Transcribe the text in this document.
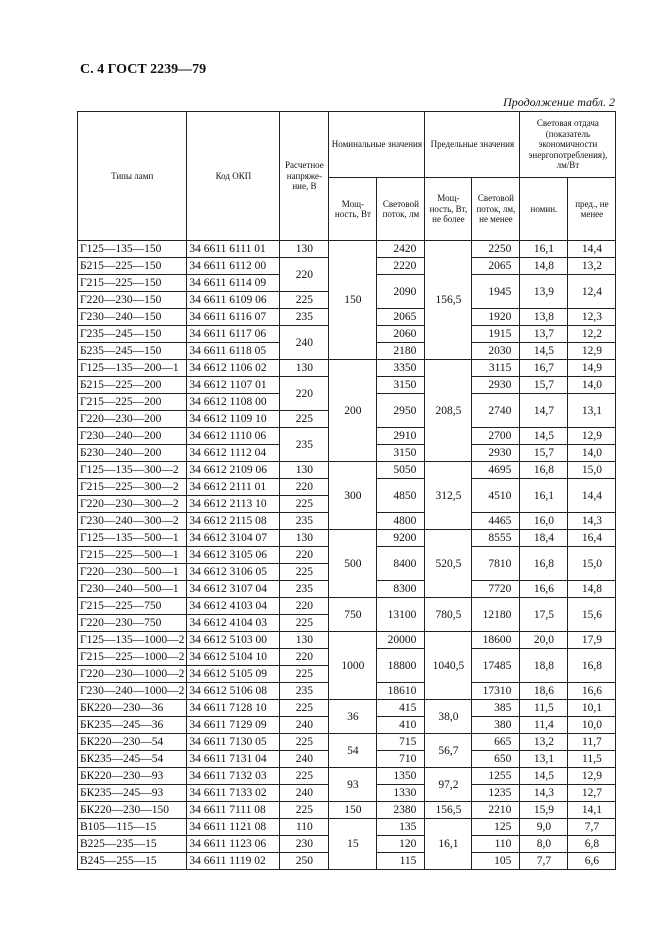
С. 4 ГОСТ 2239—79
Продолжение табл. 2
Типы ламп	Код ОКП	Расчетное напряже-ние, В	Номинальные значения		Предельные значения		Световая отдача (показатель экономичности энергопотребления), лм/Вт	
			Мощ-ность, Вт	Световой поток, лм	Мощ-ность, Вт, не более	Световой поток, лм, не менее	номин.	пред., не менее
Г125—135—150	34 6611 6111 01	130	150	2420	156,5	2250	16,1	14,4
Б215—225—150	34 6611 6112 00	220		2220		2065	14,8	13,2
Г215—225—150	34 6611 6114 09			2090		1945	13,9	12,4
Г220—230—150	34 6611 6109 06	225						
Г230—240—150	34 6611 6116 07	235		2065		1920	13,8	12,3
Г235—245—150	34 6611 6117 06	240		2060		1915	13,7	12,2
Б235—245—150	34 6611 6118 05			2180		2030	14,5	12,9
Г125—135—200—1	34 6612 1106 02	130	200	3350	208,5	3115	16,7	14,9
Б215—225—200	34 6612 1107 01	220		3150		2930	15,7	14,0
Г215—225—200	34 6612 1108 00			2950		2740	14,7	13,1
Г220—230—200	34 6612 1109 10	225						
Г230—240—200	34 6612 1110 06	235		2910		2700	14,5	12,9
Б230—240—200	34 6612 1112 04			3150		2930	15,7	14,0
Г125—135—300—2	34 6612 2109 06	130	300	5050	312,5	4695	16,8	15,0
Г215—225—300—2	34 6612 2111 01	220		4850		4510	16,1	14,4
Г220—230—300—2	34 6612 2113 10	225						
Г230—240—300—2	34 6612 2115 08	235		4800		4465	16,0	14,3
Г125—135—500—1	34 6612 3104 07	130	500	9200	520,5	8555	18,4	16,4
Г215—225—500—1	34 6612 3105 06	220		8400		7810	16,8	15,0
Г220—230—500—1	34 6612 3106 05	225						
Г230—240—500—1	34 6612 3107 04	235		8300		7720	16,6	14,8
Г215—225—750	34 6612 4103 04	220	750	13100	780,5	12180	17,5	15,6
Г220—230—750	34 6612 4104 03	225						
Г125—135—1000—2	34 6612 5103 00	130	1000	20000	1040,5	18600	20,0	17,9
Г215—225—1000—2	34 6612 5104 10	220		18800		17485	18,8	16,8
Г220—230—1000—2	34 6612 5105 09	225						
Г230—240—1000—2	34 6612 5106 08	235		18610		17310	18,6	16,6
БК220—230—36	34 6611 7128 10	225	36	415	38,0	385	11,5	10,1
БК235—245—36	34 6611 7129 09	240		410		380	11,4	10,0
БК220—230—54	34 6611 7130 05	225	54	715	56,7	665	13,2	11,7
БК235—245—54	34 6611 7131 04	240		710		650	13,1	11,5
БК220—230—93	34 6611 7132 03	225	93	1350	97,2	1255	14,5	12,9
БК235—245—93	34 6611 7133 02	240		1330		1235	14,3	12,7
БК220—230—150	34 6611 7111 08	225	150	2380	156,5	2210	15,9	14,1
В105—115—15	34 6611 1121 08	110	15	135	16,1	125	9,0	7,7
В225—235—15	34 6611 1123 06	230		120		110	8,0	6,8
В245—255—15	34 6611 1119 02	250		115		105	7,7	6,6
